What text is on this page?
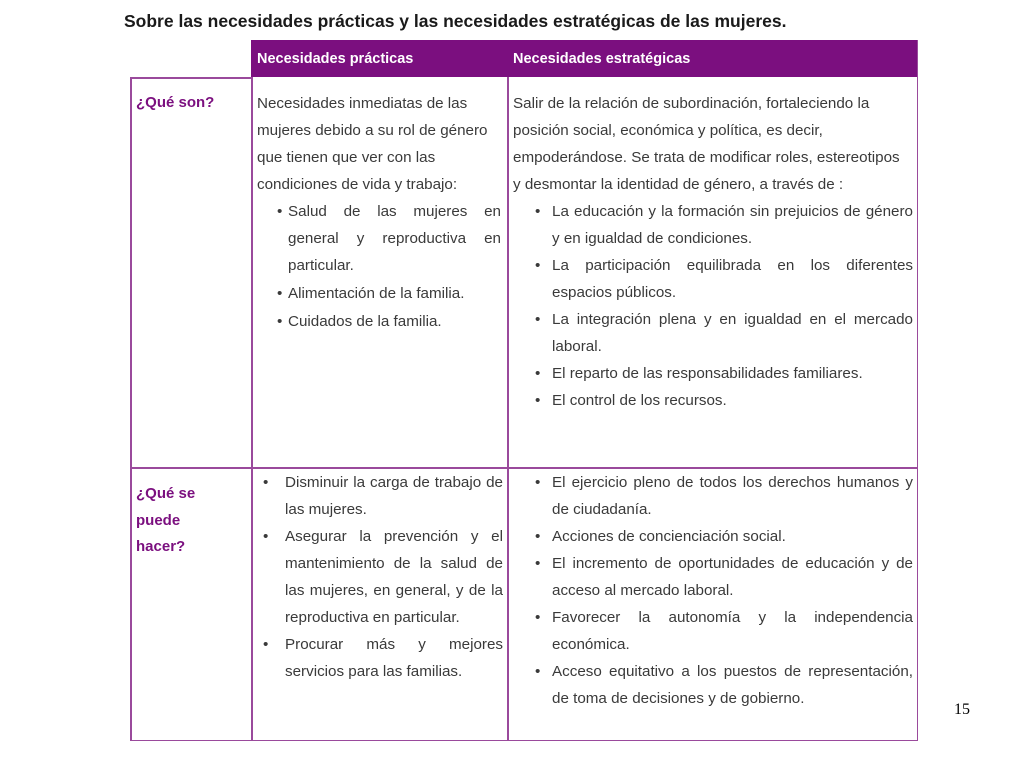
Sobre las necesidades prácticas y las necesidades estratégicas de las mujeres.
Necesidades prácticas	Necesidades estratégicas
¿Qué son?	Necesidades inmediatas de las mujeres debido a su rol de género que tienen que ver con las condiciones de vida y trabajo:

• Salud de las mujeres en general y reproductiva en particular.
• Alimentación de la familia.
• Cuidados de la familia.

Salir de la relación de subordinación, fortaleciendo la posición social, económica y política, es decir, empoderándose. Se trata de modificar roles, estereotipos y desmontar la identidad de género, a través de :

• La educación y la formación sin prejuicios de género y en igualdad de condiciones.
• La participación equilibrada en los diferentes espacios públicos.
• La integración plena y en igualdad en el mercado laboral.
• El reparto de las responsabilidades familiares.
• El control de los recursos.
¿Qué se puede hacer?
• Disminuir la carga de trabajo de las mujeres.
• Asegurar la prevención y el mantenimiento de la salud de las mujeres, en general, y de la reproductiva en particular.
• Procurar más y mejores servicios para las familias.
• El ejercicio pleno de todos los derechos humanos y de ciudadanía.
• Acciones de concienciación social.
• El incremento de oportunidades de educación y de acceso al mercado laboral.
• Favorecer la autonomía y la independencia económica.
• Acceso equitativo a los puestos de representación, de toma de decisiones y de gobierno.
15
